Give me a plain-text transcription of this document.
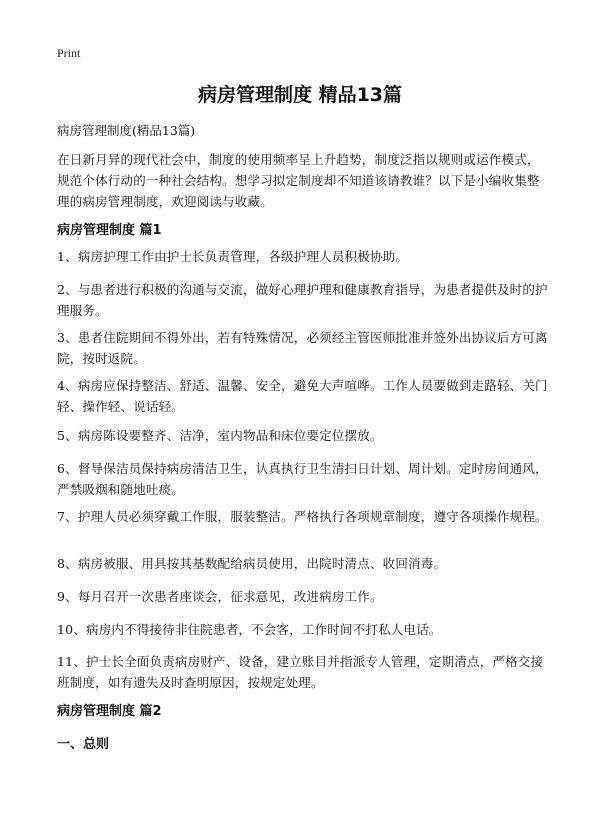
Print
病房管理制度 精品13篇
病房管理制度(精品13篇)
在日新月异的现代社会中，制度的使用频率呈上升趋势，制度泛指以规则或运作模式，规范个体行动的一种社会结构。想学习拟定制度却不知道该请教谁？以下是小编收集整理的病房管理制度，欢迎阅读与收藏。
病房管理制度 篇1
1、病房护理工作由护士长负责管理，各级护理人员积极协助。
2、与患者进行积极的沟通与交流，做好心理护理和健康教育指导，为患者提供及时的护理服务。
3、患者住院期间不得外出，若有特殊情况，必须经主管医师批准并签外出协议后方可离院，按时返院。
4、病房应保持整洁、舒适、温馨、安全，避免大声喧哗。工作人员要做到走路轻、关门轻、操作轻、说话轻。
5、病房陈设要整齐、洁净，室内物品和床位要定位摆放。
6、督导保洁员保持病房清洁卫生，认真执行卫生清扫日计划、周计划。定时房间通风，严禁吸烟和随地吐痰。
7、护理人员必须穿戴工作服，服装整洁。严格执行各项规章制度，遵守各项操作规程。
8、病房被服、用具按其基数配给病员使用，出院时清点、收回消毒。
9、每月召开一次患者座谈会，征求意见，改进病房工作。
10、病房内不得接待非住院患者，不会客，工作时间不打私人电话。
11、护士长全面负责病房财产、设备，建立账目并指派专人管理，定期清点，严格交接班制度，如有遗失及时查明原因，按规定处理。
病房管理制度 篇2
一、总则
